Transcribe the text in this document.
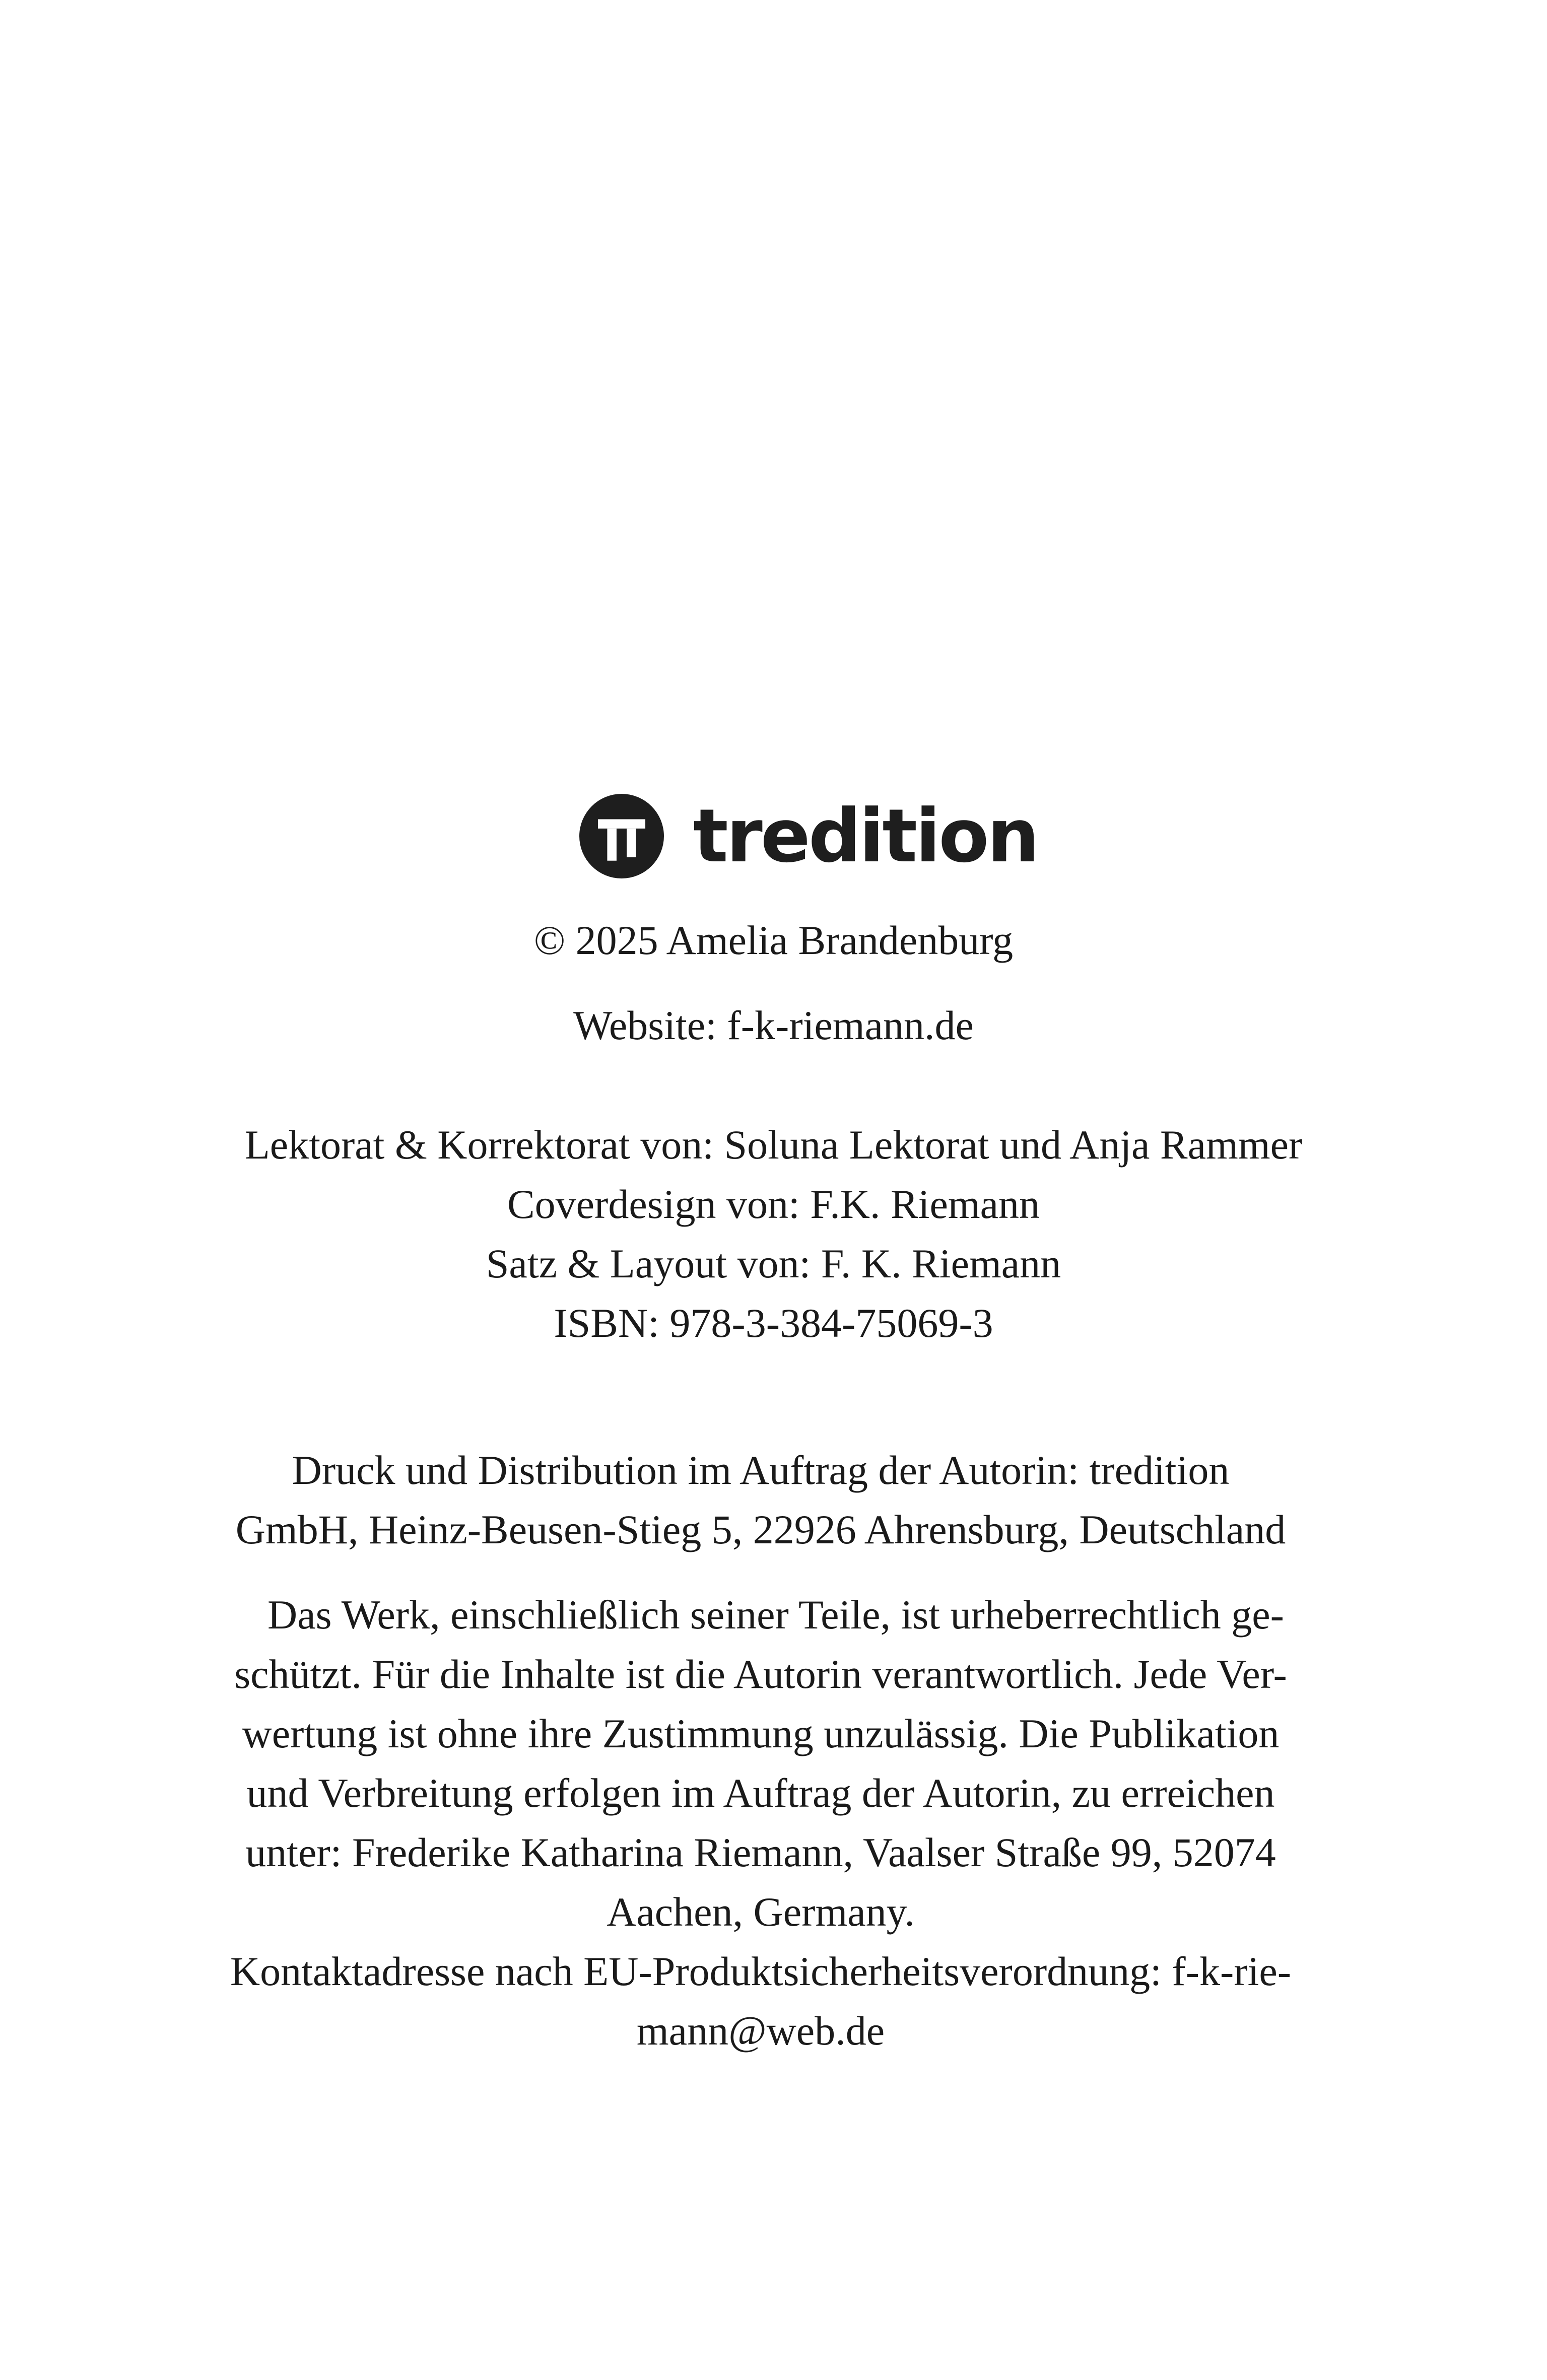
tredition
© 2025 Amelia Brandenburg
Website: f-k-riemann.de
Lektorat & Korrektorat von: Soluna Lektorat und Anja Rammer
Coverdesign von: F.K. Riemann
Satz & Layout von: F. K. Riemann
ISBN: 978-3-384-75069-3
Druck und Distribution im Auftrag der Autorin: tredition
GmbH, Heinz-Beusen-Stieg 5, 22926 Ahrensburg, Deutschland
Das Werk, einschließlich seiner Teile, ist urheberrechtlich ge-
schützt. Für die Inhalte ist die Autorin verantwortlich. Jede Ver-
wertung ist ohne ihre Zustimmung unzulässig. Die Publikation
und Verbreitung erfolgen im Auftrag der Autorin, zu erreichen
unter: Frederike Katharina Riemann, Vaalser Straße 99, 52074
Aachen, Germany.
Kontaktadresse nach EU-Produktsicherheitsverordnung: f-k-rie-
mann@web.de
